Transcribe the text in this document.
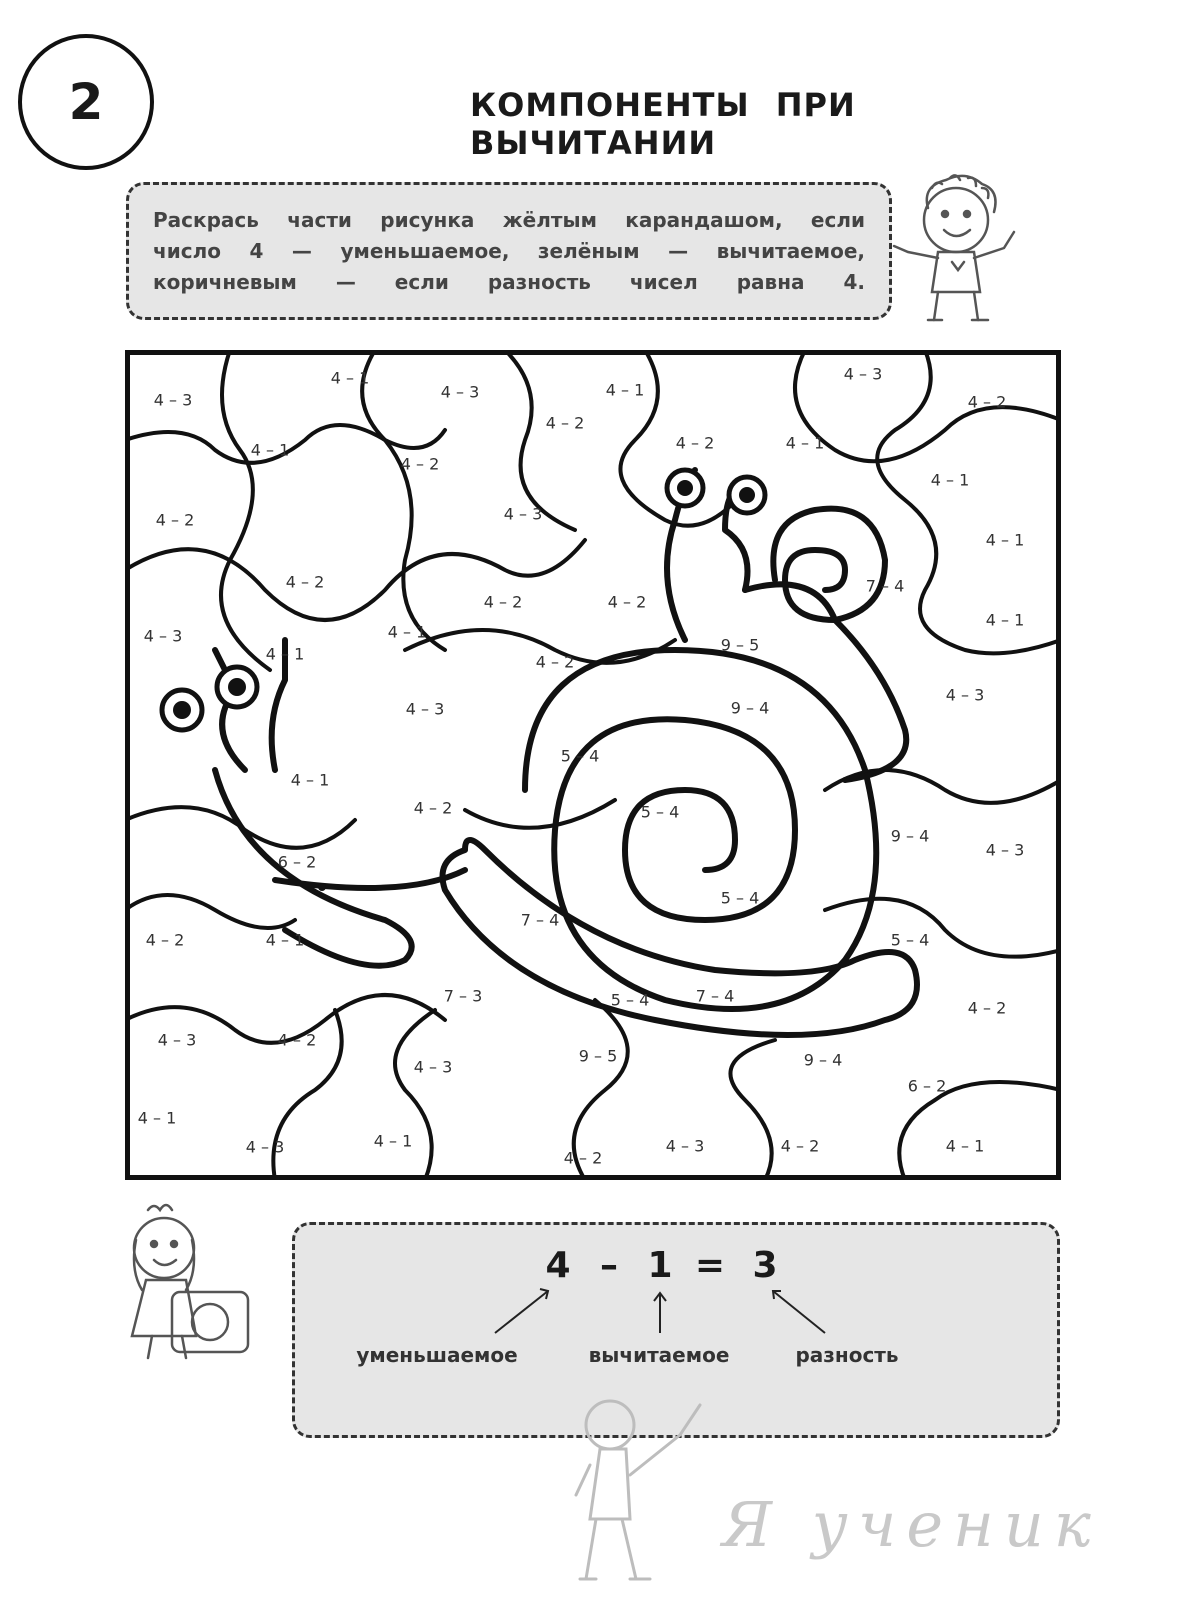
2	КОМПОНЕНТЫ ПРИ ВЫЧИТАНИИ
Раскрась части рисунка жёлтым карандашом, если
число 4 — уменьшаемое, зелёным — вычитаемое,
коричневым — если разность чисел равна 4.
4 – 3
4 – 1
4 – 3	4 – 1
4 – 3
4 – 2
4 – 1
4 – 2
4 – 2
4 – 1
4 – 2
4 – 1
4 – 2	4 – 3
4 – 2
4 – 2	4 – 2
4 – 1
4 – 3	4 – 1
4 – 1	4 – 2
9 – 5
4 – 3
4 – 3	9 – 4
4 – 1
5 – 4
4 – 2	5 – 4
9 – 4
4 – 3
6 – 2
5 – 4
7 – 4
5 – 4
4 – 2	4 – 1
7 – 3	5 – 4	7 – 4
4 – 2
4 – 3	4 – 2
9 – 5	9 – 4
4 – 3
6 – 2
4 – 1
4 – 3	4 – 1
4 – 2
4 – 3	4 – 2	4 – 1
7 – 4
4 – 1
4 – 1 = 3
уменьшаемое	вычитаемое	разность
Я ученик
